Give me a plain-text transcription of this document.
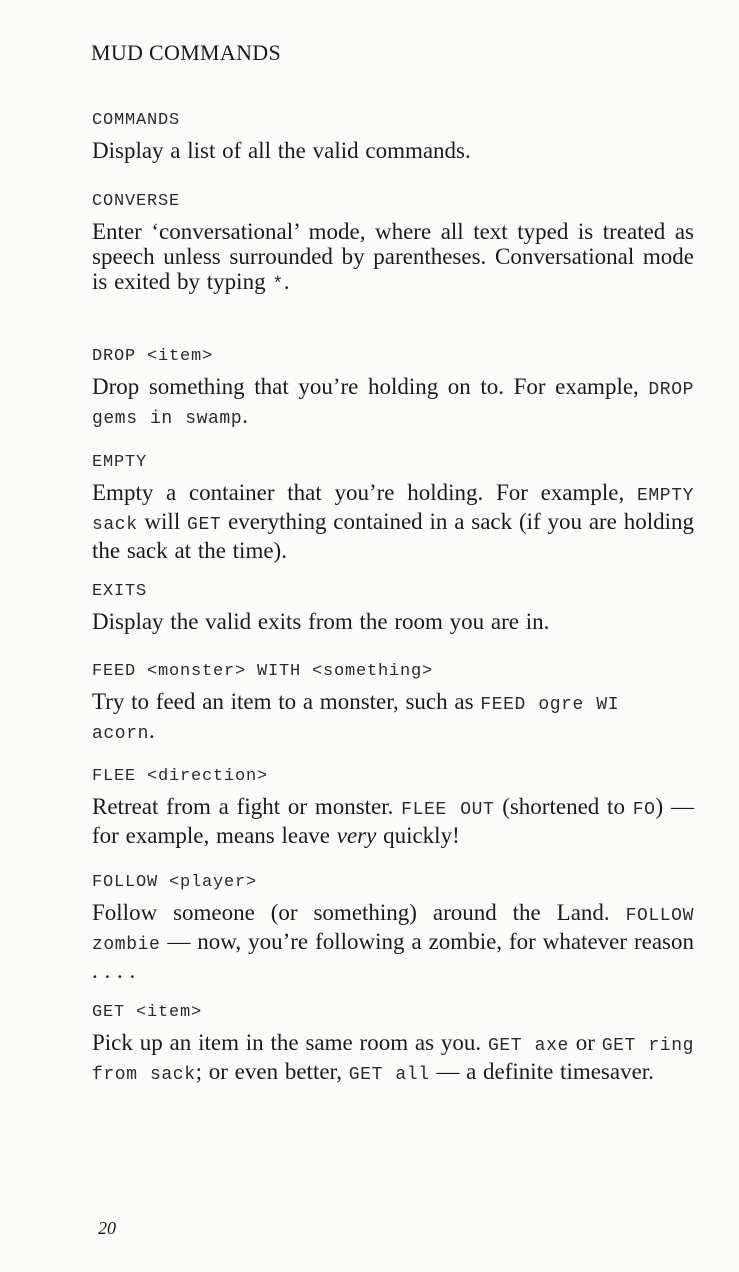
MUD COMMANDS
COMMANDS
Display a list of all the valid commands.
CONVERSE
Enter ‘conversational’ mode, where all text typed is treated as speech unless surrounded by parentheses. Conversational mode is exited by typing *.
DROP <item>
Drop something that you’re holding on to. For example, DROP gems in swamp.
EMPTY
Empty a container that you’re holding. For example, EMPTY sack will GET everything contained in a sack (if you are holding the sack at the time).
EXITS
Display the valid exits from the room you are in.
FEED <monster> WITH <something>
Try to feed an item to a monster, such as FEED ogre WI
acorn.
FLEE <direction>
Retreat from a fight or monster. FLEE OUT (shortened to FO) — for example, means leave very quickly!
FOLLOW <player>
Follow someone (or something) around the Land. FOLLOW zombie — now, you’re following a zombie, for whatever reason . . . .
GET <item>
Pick up an item in the same room as you. GET axe or GET ring from sack; or even better, GET all — a definite timesaver.
20
